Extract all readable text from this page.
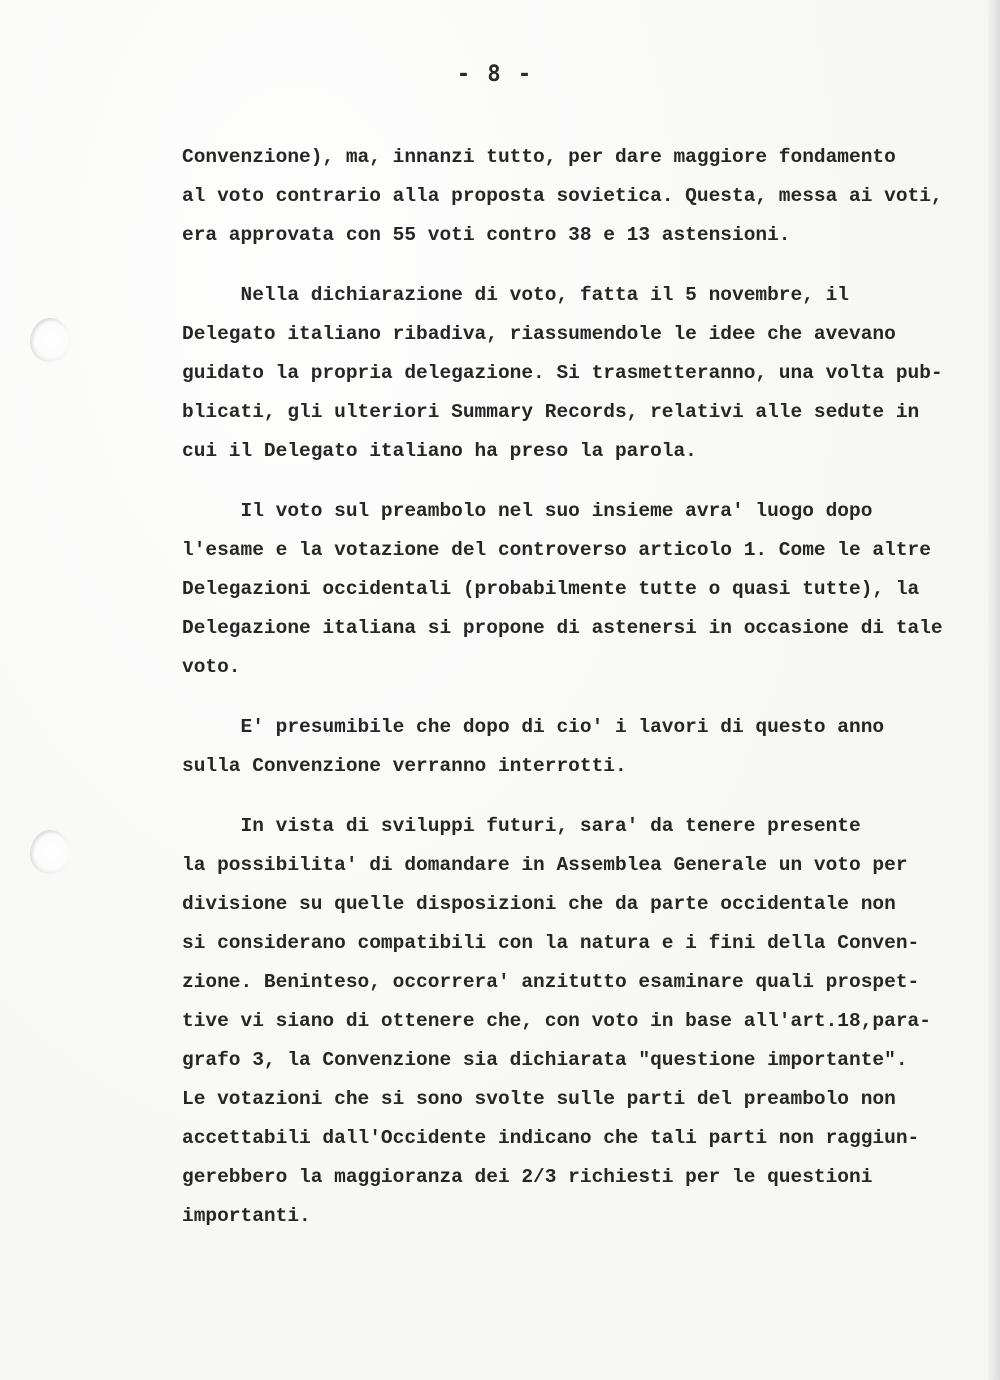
- 8 -
Convenzione), ma, innanzi tutto, per dare maggiore fondamento
al voto contrario alla proposta sovietica. Questa, messa ai voti,
era approvata con 55 voti contro 38 e 13 astensioni.
Nella dichiarazione di voto, fatta il 5 novembre, il
Delegato italiano ribadiva, riassumendole le idee che avevano
guidato la propria delegazione. Si trasmetteranno, una volta pub-
blicati, gli ulteriori Summary Records, relativi alle sedute in
cui il Delegato italiano ha preso la parola.
Il voto sul preambolo nel suo insieme avra' luogo dopo
l'esame e la votazione del controverso articolo 1. Come le altre
Delegazioni occidentali (probabilmente tutte o quasi tutte), la
Delegazione italiana si propone di astenersi in occasione di tale
voto.
E' presumibile che dopo di cio' i lavori di questo anno
sulla Convenzione verranno interrotti.
In vista di sviluppi futuri, sara' da tenere presente
la possibilita' di domandare in Assemblea Generale un voto per
divisione su quelle disposizioni che da parte occidentale non
si considerano compatibili con la natura e i fini della Conven-
zione. Beninteso, occorrera' anzitutto esaminare quali prospet-
tive vi siano di ottenere che, con voto in base all'art.18,para-
grafo 3, la Convenzione sia dichiarata "questione importante".
Le votazioni che si sono svolte sulle parti del preambolo non
accettabili dall'Occidente indicano che tali parti non raggiun-
gerebbero la maggioranza dei 2/3 richiesti per le questioni
importanti.
